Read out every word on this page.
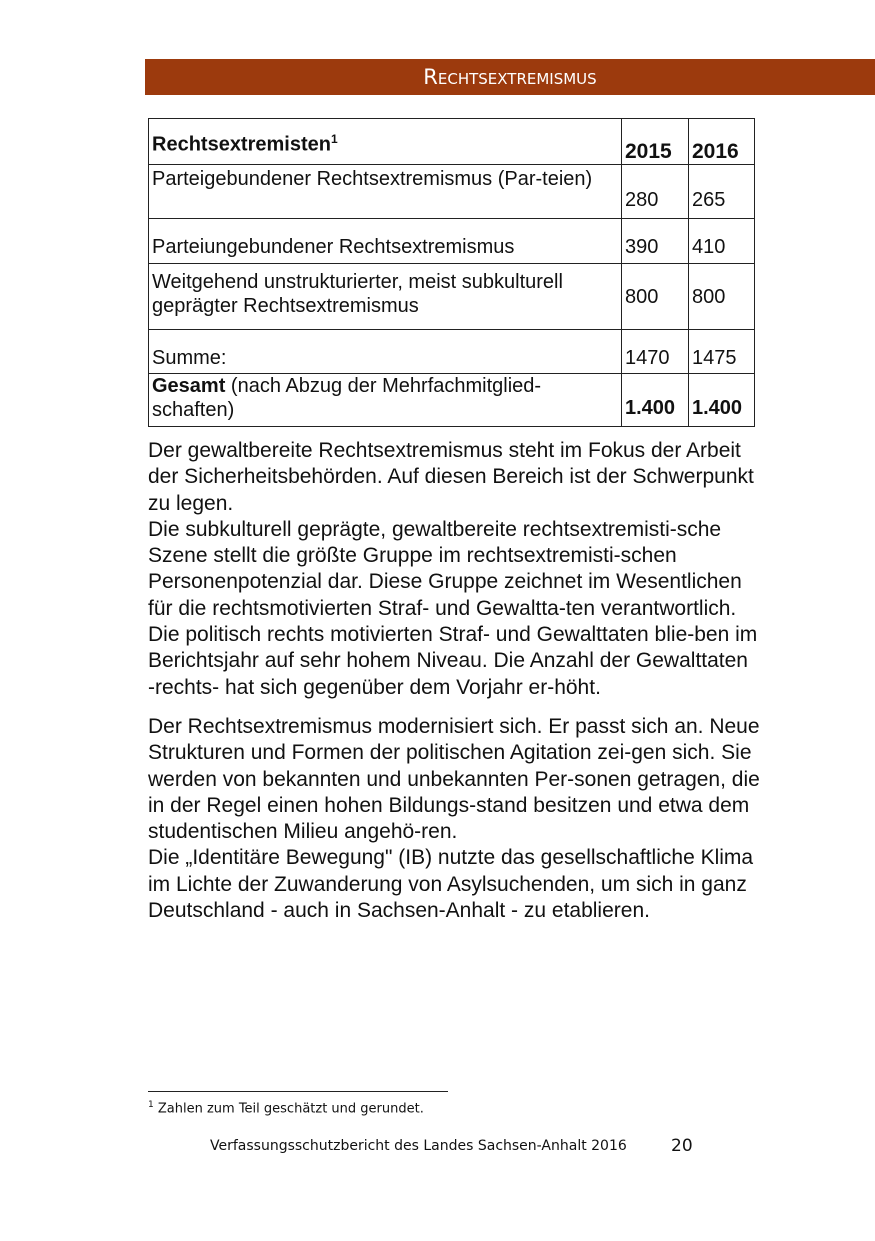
Rechtsextremismus
Rechtsextremisten$^1$	2015	2016
Parteigebundener Rechtsextremismus (Par-teien)	280	265
Parteiungebundener Rechtsextremismus	390	410
Weitgehend unstrukturierter, meist subkulturell geprägter Rechtsextremismus	800	800
Summe:	1470	1475
Gesamt (nach Abzug der Mehrfachmitglied-schaften)	1.400	1.400

Der gewaltbereite Rechtsextremismus steht im Fokus der Arbeit der Sicherheitsbehörden. Auf diesen Bereich ist der Schwerpunkt zu legen.

Die subkulturell geprägte, gewaltbereite rechtsextremisti-sche Szene stellt die größte Gruppe im rechtsextremisti-schen Personenpotenzial dar. Diese Gruppe zeichnet im Wesentlichen für die rechtsmotivierten Straf- und Gewaltta-ten verantwortlich.

Die politisch rechts motivierten Straf- und Gewalttaten blie-ben im Berichtsjahr auf sehr hohem Niveau. Die Anzahl der Gewalttaten -rechts- hat sich gegenüber dem Vorjahr er-höht.

Der Rechtsextremismus modernisiert sich. Er passt sich an. Neue Strukturen und Formen der politischen Agitation zei-gen sich. Sie werden von bekannten und unbekannten Per-sonen getragen, die in der Regel einen hohen Bildungs-stand besitzen und etwa dem studentischen Milieu angehö-ren.

Die „Identitäre Bewegung" (IB) nutzte das gesellschaftliche Klima im Lichte der Zuwanderung von Asylsuchenden, um sich in ganz Deutschland - auch in Sachsen-Anhalt - zu etablieren.

$^1$ Zahlen zum Teil geschätzt und gerundet.
Verfassungsschutzbericht des Landes Sachsen-Anhalt 2016	20
